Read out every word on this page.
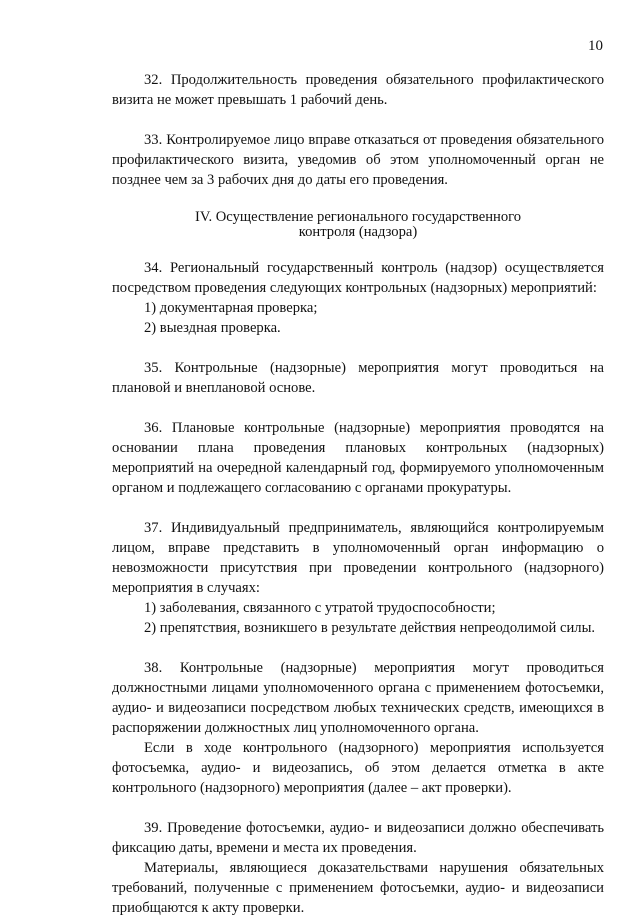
10

32. Продолжительность проведения обязательного профилактического визита не может превышать 1 рабочий день.

33. Контролируемое лицо вправе отказаться от проведения обязательного профилактического визита, уведомив об этом уполномоченный орган не позднее чем за 3 рабочих дня до даты его проведения.

IV. Осуществление регионального государственного

контроля (надзора)

34. Региональный государственный контроль (надзор) осуществляется посредством проведения следующих контрольных (надзорных) мероприятий:

1) документарная проверка;

2) выездная проверка.

35. Контрольные (надзорные) мероприятия могут проводиться на плановой и внеплановой основе.

36. Плановые контрольные (надзорные) мероприятия проводятся на основании плана проведения плановых контрольных (надзорных) мероприятий на очередной календарный год, формируемого уполномоченным органом и подлежащего согласованию с органами прокуратуры.

37. Индивидуальный предприниматель, являющийся контролируемым лицом, вправе представить в уполномоченный орган информацию о невозможности присутствия при проведении контрольного (надзорного) мероприятия в случаях:

1) заболевания, связанного с утратой трудоспособности;

2) препятствия, возникшего в результате действия непреодолимой силы.

38. Контрольные (надзорные) мероприятия могут проводиться должностными лицами уполномоченного органа с применением фотосъемки, аудио- и видеозаписи посредством любых технических средств, имеющихся в распоряжении должностных лиц уполномоченного органа.

Если в ходе контрольного (надзорного) мероприятия используется фотосъемка, аудио- и видеозапись, об этом делается отметка в акте контрольного (надзорного) мероприятия (далее – акт проверки).

39. Проведение фотосъемки, аудио- и видеозаписи должно обеспечивать фиксацию даты, времени и места их проведения.

Материалы, являющиеся доказательствами нарушения обязательных требований, полученные с применением фотосъемки, аудио- и видеозаписи приобщаются к акту проверки.
